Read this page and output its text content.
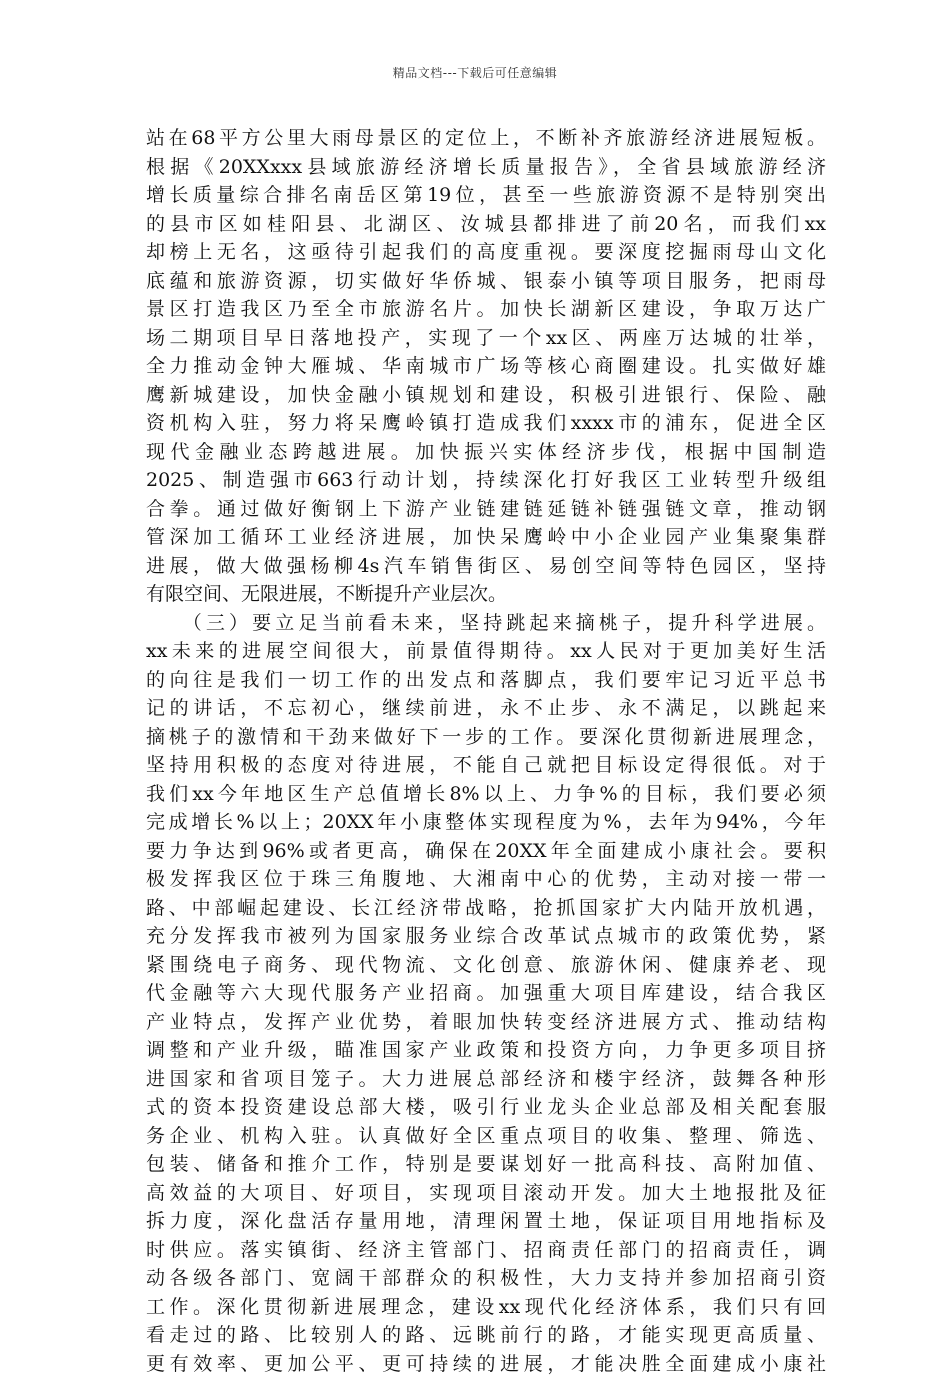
精品文档---下载后可任意编辑
站在68平方公里大雨母景区的定位上，不断补齐旅游经济进展短板。
根据《20XXxxx县域旅游经济增长质量报告》，全省县域旅游经济
增长质量综合排名南岳区第19位，甚至一些旅游资源不是特别突出
的县市区如桂阳县、北湖区、汝城县都排进了前20名，而我们xx
却榜上无名，这亟待引起我们的高度重视。要深度挖掘雨母山文化
底蕴和旅游资源，切实做好华侨城、银泰小镇等项目服务，把雨母
景区打造我区乃至全市旅游名片。加快长湖新区建设，争取万达广
场二期项目早日落地投产，实现了一个xx区、两座万达城的壮举，
全力推动金钟大雁城、华南城市广场等核心商圈建设。扎实做好雄
鹰新城建设，加快金融小镇规划和建设，积极引进银行、保险、融
资机构入驻，努力将呆鹰岭镇打造成我们xxxx市的浦东，促进全区
现代金融业态跨越进展。加快振兴实体经济步伐，根据中国制造
2025、制造强市663行动计划，持续深化打好我区工业转型升级组
合拳。通过做好衡钢上下游产业链建链延链补链强链文章，推动钢
管深加工循环工业经济进展，加快呆鹰岭中小企业园产业集聚集群
进展，做大做强杨柳4s汽车销售街区、易创空间等特色园区，坚持
有限空间、无限进展，不断提升产业层次。
　　（三）要立足当前看未来，坚持跳起来摘桃子，提升科学进展。
xx未来的进展空间很大，前景值得期待。xx人民对于更加美好生活
的向往是我们一切工作的出发点和落脚点，我们要牢记习近平总书
记的讲话，不忘初心，继续前进，永不止步、永不满足，以跳起来
摘桃子的激情和干劲来做好下一步的工作。要深化贯彻新进展理念，
坚持用积极的态度对待进展，不能自己就把目标设定得很低。对于
我们xx今年地区生产总值增长8%以上、力争%的目标，我们要必须
完成增长%以上；20XX年小康整体实现程度为%，去年为94%，今年
要力争达到96%或者更高，确保在20XX年全面建成小康社会。要积
极发挥我区位于珠三角腹地、大湘南中心的优势，主动对接一带一
路、中部崛起建设、长江经济带战略，抢抓国家扩大内陆开放机遇，
充分发挥我市被列为国家服务业综合改革试点城市的政策优势，紧
紧围绕电子商务、现代物流、文化创意、旅游休闲、健康养老、现
代金融等六大现代服务产业招商。加强重大项目库建设，结合我区
产业特点，发挥产业优势，着眼加快转变经济进展方式、推动结构
调整和产业升级，瞄准国家产业政策和投资方向，力争更多项目挤
进国家和省项目笼子。大力进展总部经济和楼宇经济，鼓舞各种形
式的资本投资建设总部大楼，吸引行业龙头企业总部及相关配套服
务企业、机构入驻。认真做好全区重点项目的收集、整理、筛选、
包装、储备和推介工作，特别是要谋划好一批高科技、高附加值、
高效益的大项目、好项目，实现项目滚动开发。加大土地报批及征
拆力度，深化盘活存量用地，清理闲置土地，保证项目用地指标及
时供应。落实镇街、经济主管部门、招商责任部门的招商责任，调
动各级各部门、宽阔干部群众的积极性，大力支持并参加招商引资
工作。深化贯彻新进展理念，建设xx现代化经济体系，我们只有回
看走过的路、比较别人的路、远眺前行的路，才能实现更高质量、
更有效率、更加公平、更可持续的进展，才能决胜全面建成小康社
